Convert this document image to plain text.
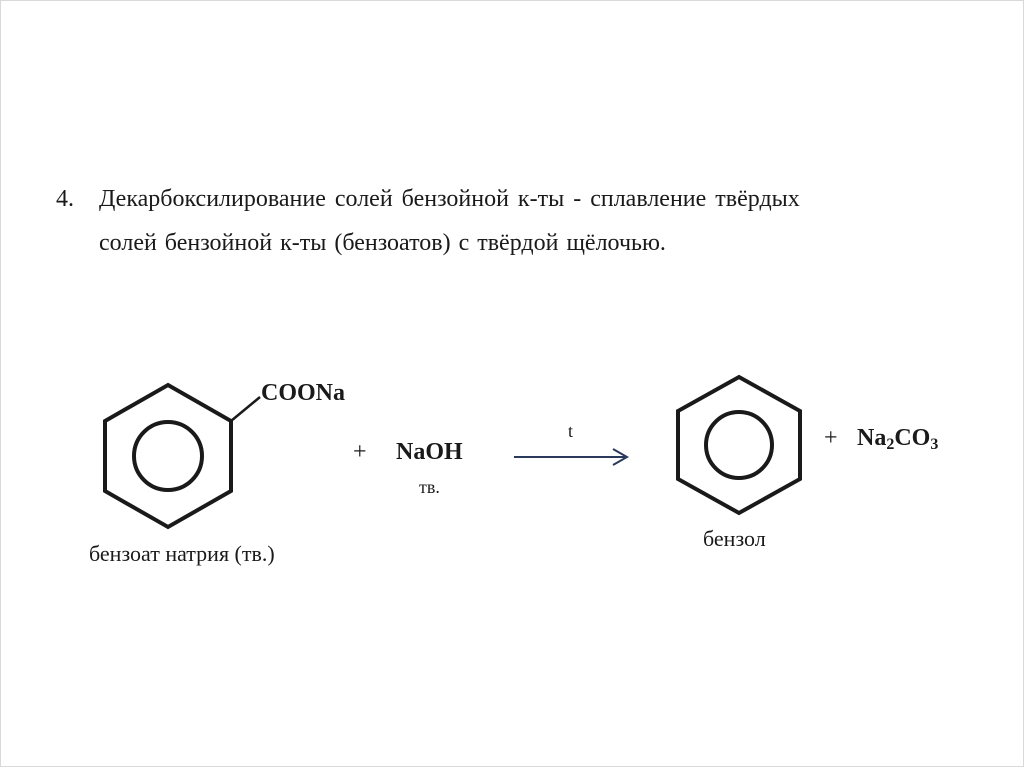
4. Декарбоксилирование солей бензойной к-ты - сплавление твёрдых
солей бензойной к-ты (бензоатов) с твёрдой щёлочью.
COONa
+ NaOH
тв.
t	+ $Na_2CO_3$
бензоат натрия (тв.)
бензол
